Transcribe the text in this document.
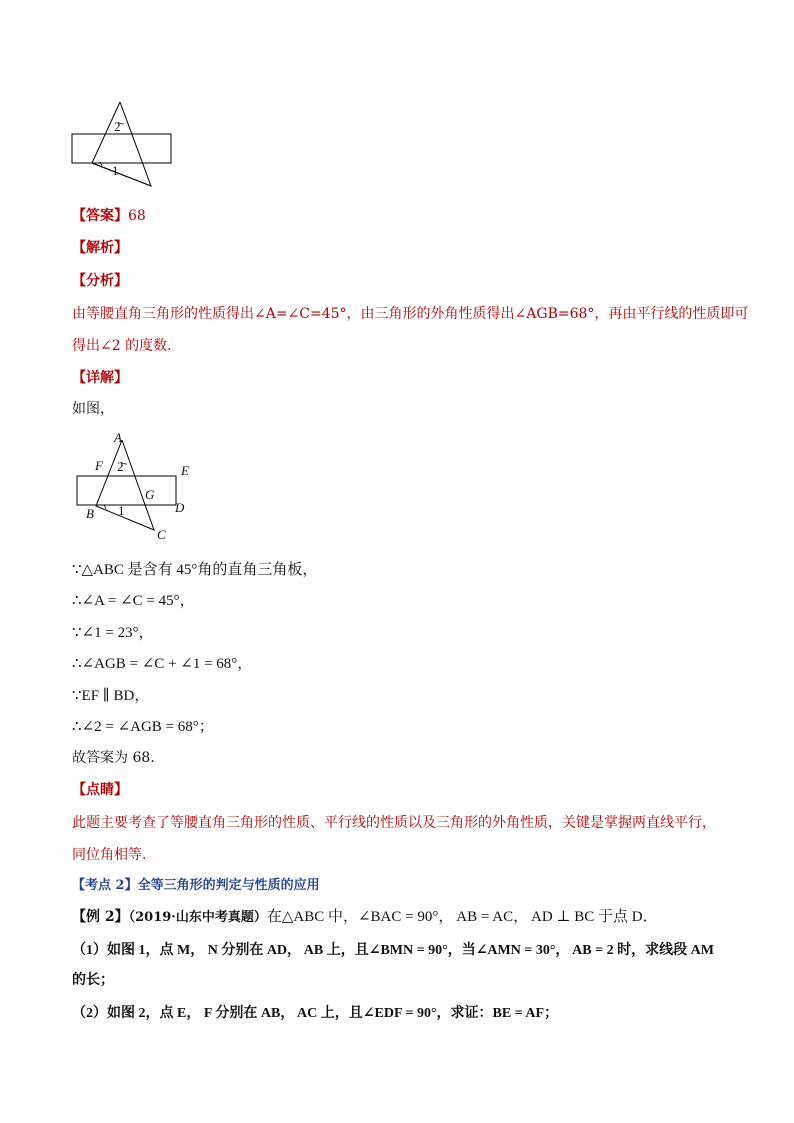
2
1
【答案】68
【解析】
【分析】
由等腰直角三角形的性质得出∠A=∠C=45°，由三角形的外角性质得出∠AGB=68°，再由平行线的性质即可
得出∠2 的度数.
【详解】
如图，
A
F 2	E
G
B 1	D
C
∵△ABC 是含有 45°角的直角三角板，
∴∠A = ∠C = 45°，
∵∠1 = 23°，
∴∠AGB = ∠C + ∠1 = 68°，
∵EF ∥ BD，
∴∠2 = ∠AGB = 68°；
故答案为 68.
【点睛】
此题主要考查了等腰直角三角形的性质、平行线的性质以及三角形的外角性质，关键是掌握两直线平行，
同位角相等.
【考点 2】全等三角形的判定与性质的应用
【例 2】（2019·山东中考真题）在△ABC 中，∠BAC = 90°， AB = AC， AD ⊥ BC 于点 D．
（1）如图 1，点 M， N 分别在 AD， AB 上，且∠BMN = 90°，当∠AMN = 30°， AB = 2 时，求线段 AM
的长；
（2）如图 2，点 E， F 分别在 AB， AC 上，且∠EDF = 90°，求证：BE = AF；
